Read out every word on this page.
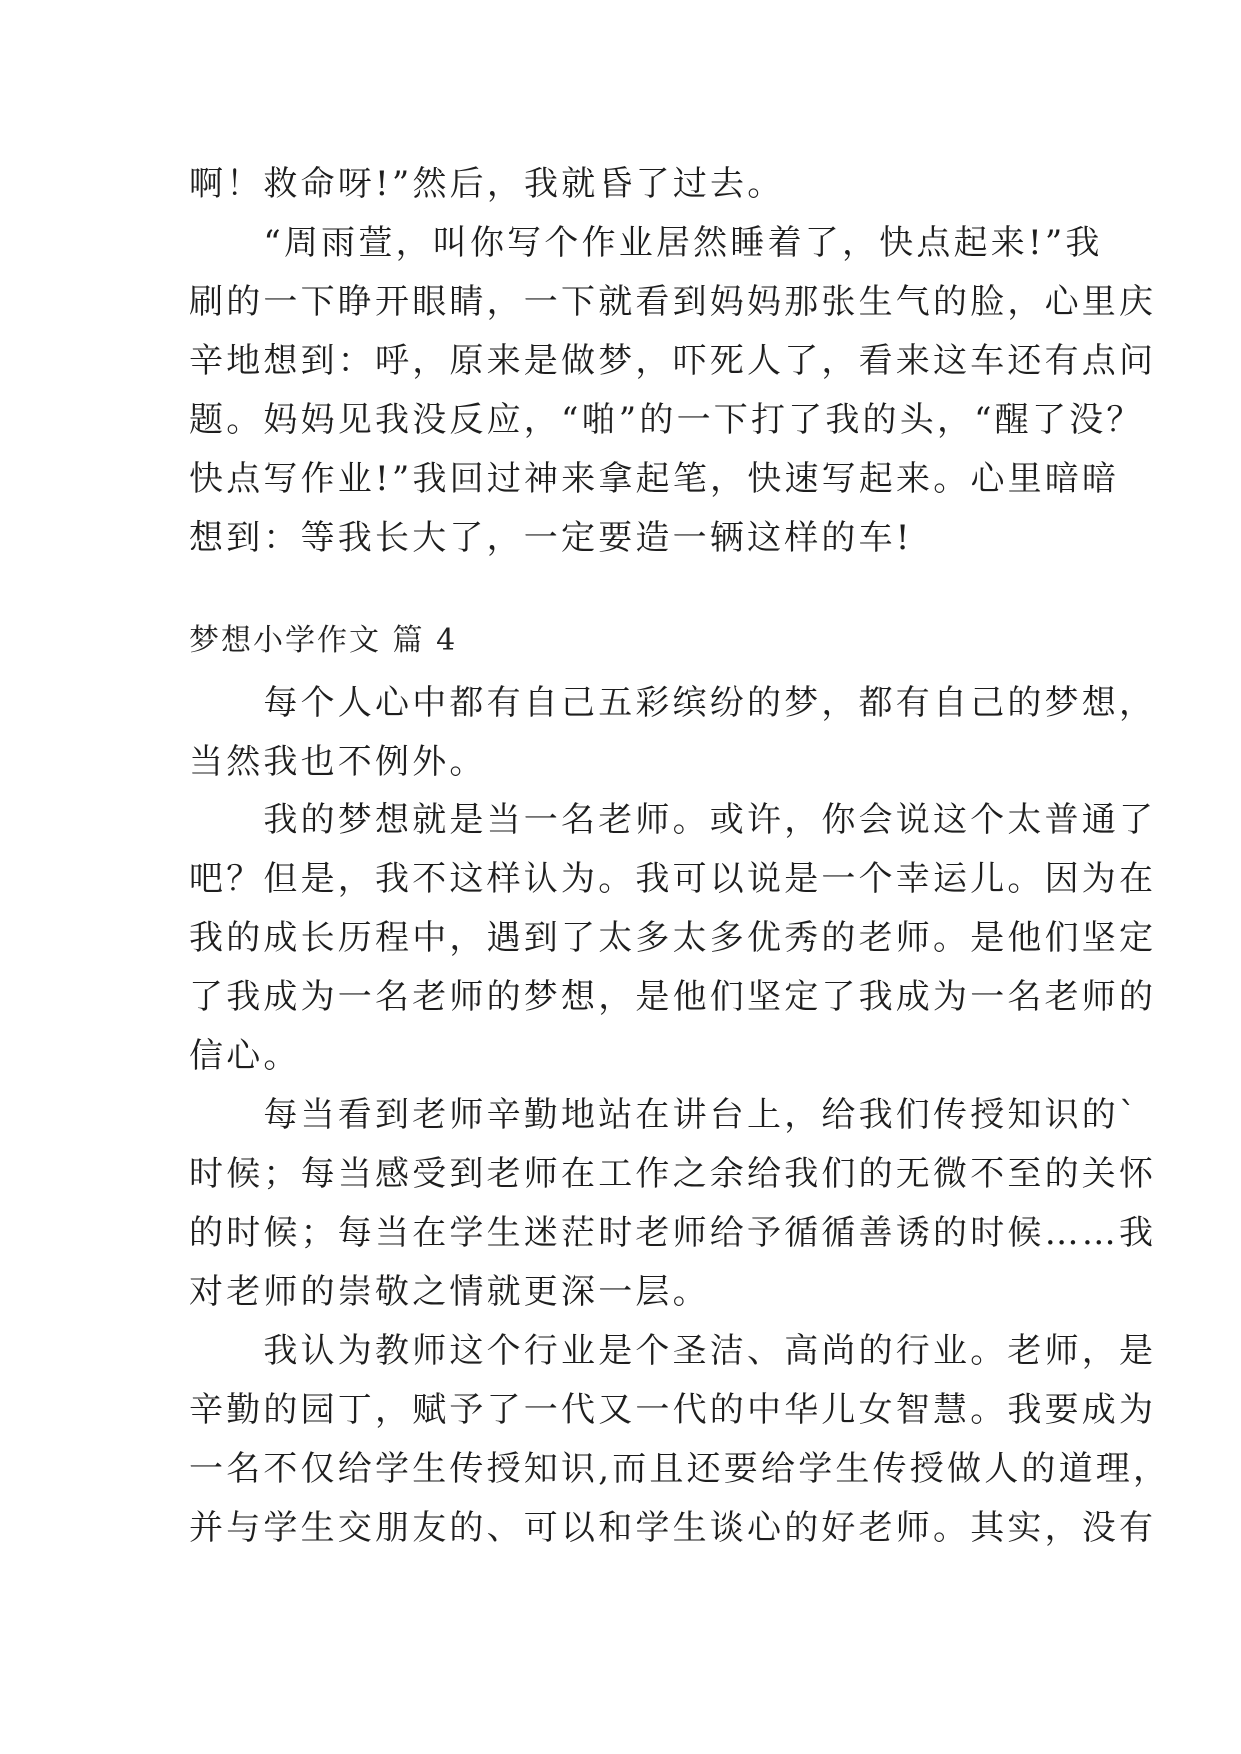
啊！救命呀!”然后，我就昏了过去。
　　“周雨萱，叫你写个作业居然睡着了，快点起来!”我
刷的一下睁开眼睛，一下就看到妈妈那张生气的脸，心里庆
辛地想到：呼，原来是做梦，吓死人了，看来这车还有点问
题。妈妈见我没反应，“啪”的一下打了我的头，“醒了没？
快点写作业!”我回过神来拿起笔，快速写起来。心里暗暗
想到：等我长大了，一定要造一辆这样的车!
梦想小学作文 篇 4
　　每个人心中都有自己五彩缤纷的梦，都有自己的梦想，
当然我也不例外。
　　我的梦想就是当一名老师。或许，你会说这个太普通了
吧？但是，我不这样认为。我可以说是一个幸运儿。因为在
我的成长历程中，遇到了太多太多优秀的老师。是他们坚定
了我成为一名老师的梦想，是他们坚定了我成为一名老师的
信心。
　　每当看到老师辛勤地站在讲台上，给我们传授知识的`
时候；每当感受到老师在工作之余给我们的无微不至的关怀
的时候；每当在学生迷茫时老师给予循循善诱的时候……我
对老师的崇敬之情就更深一层。
　　我认为教师这个行业是个圣洁、高尚的行业。老师，是
辛勤的园丁，赋予了一代又一代的中华儿女智慧。我要成为
一名不仅给学生传授知识,而且还要给学生传授做人的道理，
并与学生交朋友的、可以和学生谈心的好老师。其实，没有
